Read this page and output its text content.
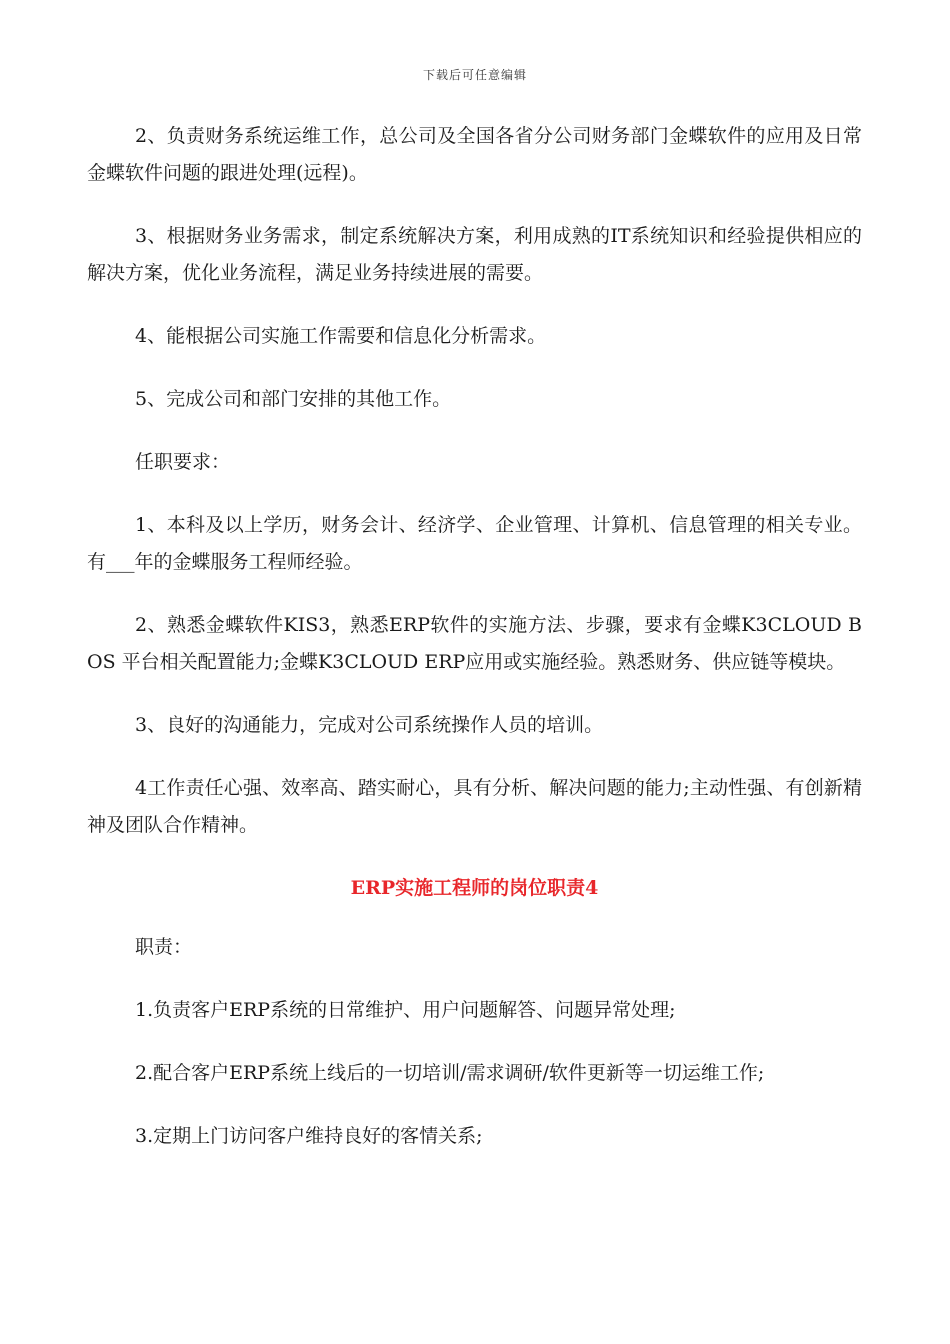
下载后可任意编辑

2、负责财务系统运维工作，总公司及全国各省分公司财务部门金蝶软件的应用及日常金蝶软件问题的跟进处理(远程)。

3、根据财务业务需求，制定系统解决方案，利用成熟的IT系统知识和经验提供相应的解决方案，优化业务流程，满足业务持续进展的需要。

4、能根据公司实施工作需要和信息化分析需求。

5、完成公司和部门安排的其他工作。

任职要求：

1、本科及以上学历，财务会计、经济学、企业管理、计算机、信息管理的相关专业。有___年的金蝶服务工程师经验。

2、熟悉金蝶软件KIS3，熟悉ERP软件的实施方法、步骤，要求有金蝶K3CLOUD BOS 平台相关配置能力;金蝶K3CLOUD ERP应用或实施经验。熟悉财务、供应链等模块。

3、良好的沟通能力，完成对公司系统操作人员的培训。

4工作责任心强、效率高、踏实耐心，具有分析、解决问题的能力;主动性强、有创新精神及团队合作精神。

ERP实施工程师的岗位职责4

职责：

1.负责客户ERP系统的日常维护、用户问题解答、问题异常处理;

2.配合客户ERP系统上线后的一切培训/需求调研/软件更新等一切运维工作;

3.定期上门访问客户维持良好的客情关系;
